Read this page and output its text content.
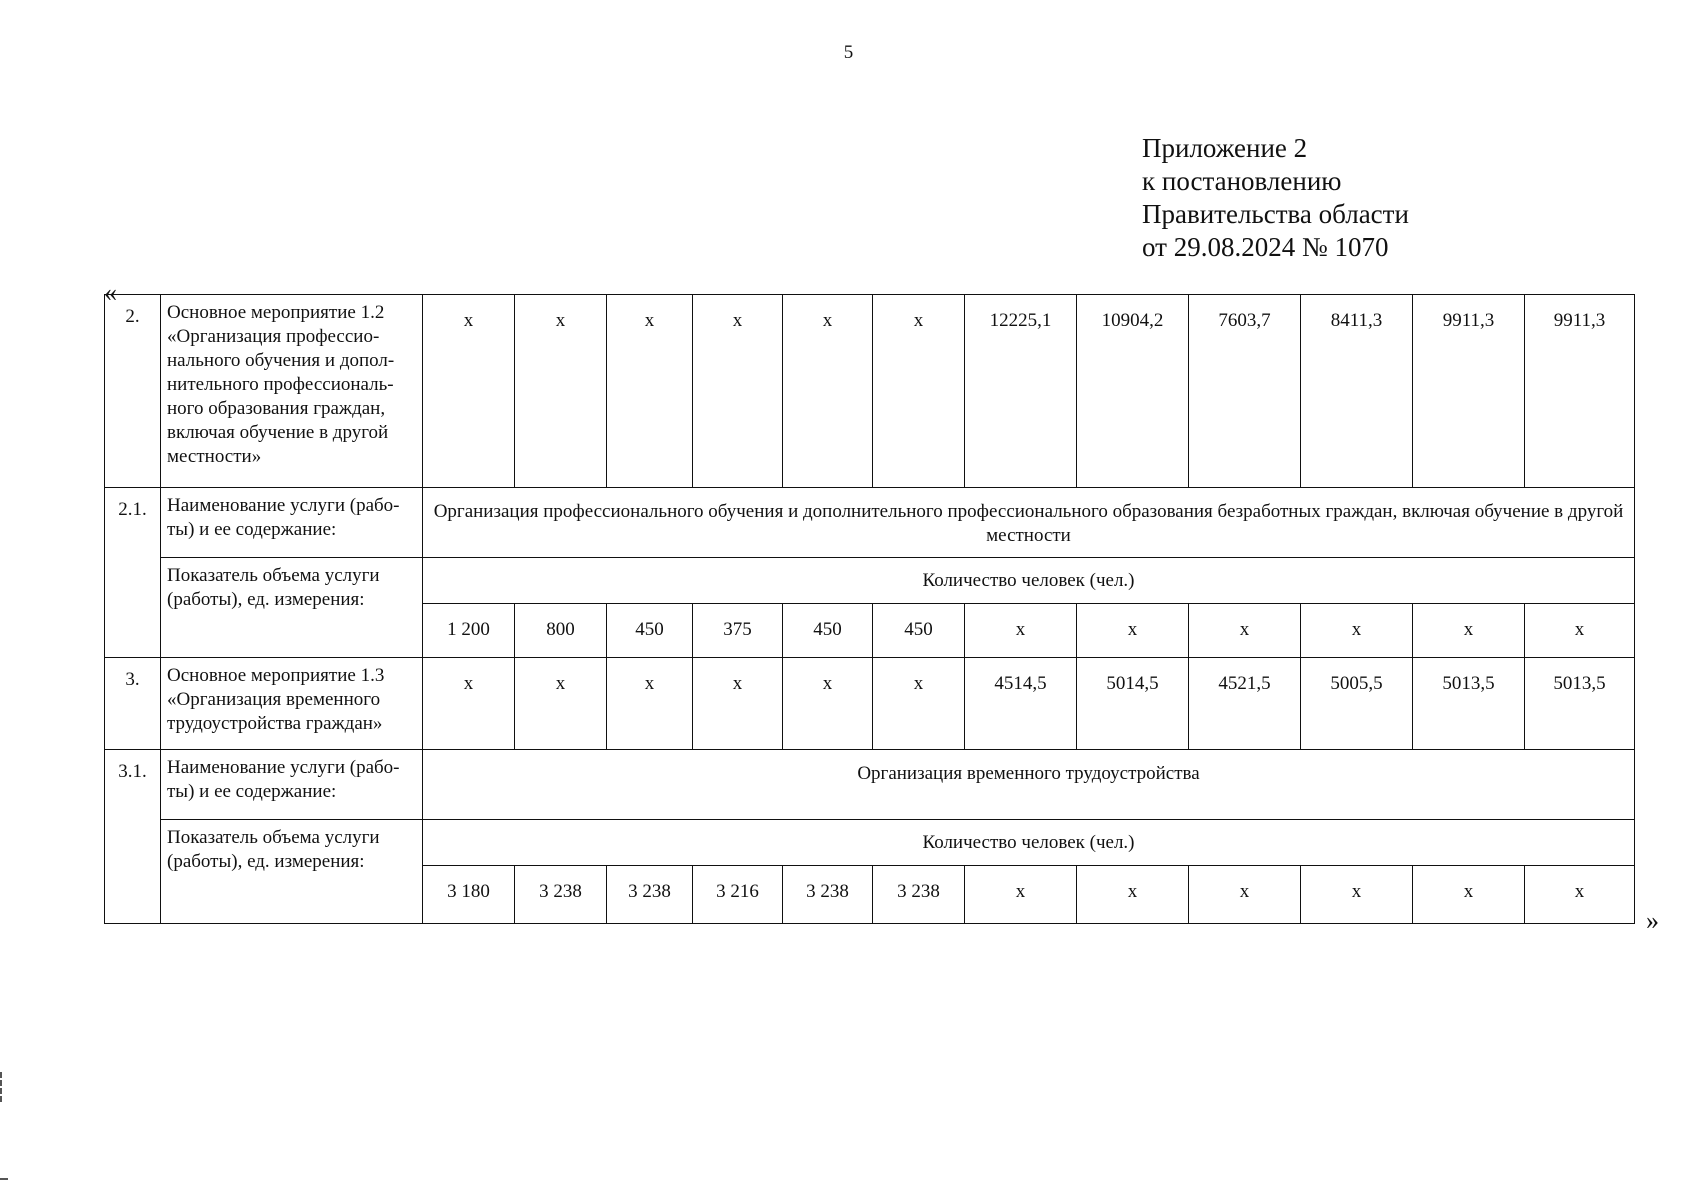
5
Приложение 2
к постановлению
Правительства области
от 29.08.2024 № 1070
«
2.	Основное мероприятие 1.2 «Организация профессио-нального обучения и допол-нительного профессиональ-ного образования граждан, включая обучение в другой местности»	х	х	х	х	х	х	12225,1	10904,2	7603,7	8411,3	9911,3	9911,3
2.1.	Наименование услуги (рабо-ты) и ее содержание:	Организация профессионального обучения и дополнительного профессионального образования безработных граждан, включая обучение в другой местности											
	Показатель объема услуги (работы), ед. измерения:	Количество человек (чел.)											
		1 200	800	450	375	450	450	х	х	х	х	х	х
3.	Основное мероприятие 1.3 «Организация временного трудоустройства граждан»	х	х	х	х	х	х	4514,5	5014,5	4521,5	5005,5	5013,5	5013,5
3.1.	Наименование услуги (рабо-ты) и ее содержание:	Организация временного трудоустройства											
	Показатель объема услуги (работы), ед. измерения:	Количество человек (чел.)											
		3 180	3 238	3 238	3 216	3 238	3 238	х	х	х	х	х	х
»
